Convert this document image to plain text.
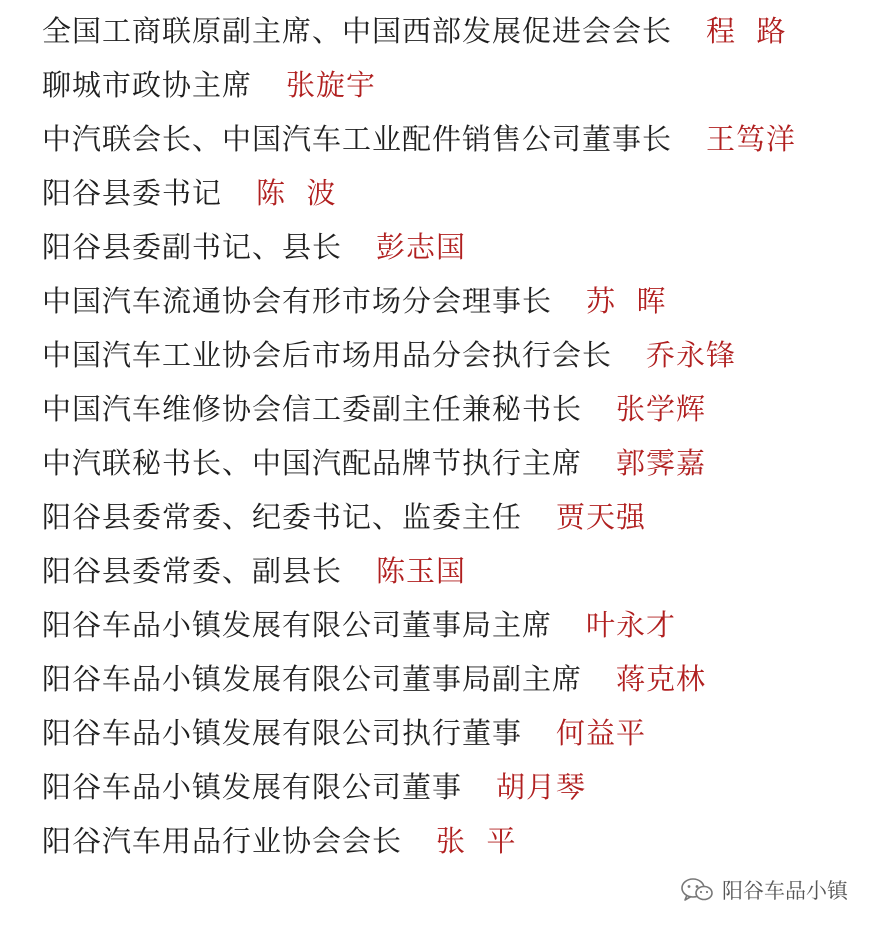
全国工商联原副主席、中国西部发展促进会会长 程  路
聊城市政协主席 张旋宇
中汽联会长、中国汽车工业配件销售公司董事长 王笃洋
阳谷县委书记 陈  波
阳谷县委副书记、县长 彭志国
中国汽车流通协会有形市场分会理事长 苏  晖
中国汽车工业协会后市场用品分会执行会长 乔永锋
中国汽车维修协会信工委副主任兼秘书长 张学辉
中汽联秘书长、中国汽配品牌节执行主席 郭霁嘉
阳谷县委常委、纪委书记、监委主任 贾天强
阳谷县委常委、副县长 陈玉国
阳谷车品小镇发展有限公司董事局主席 叶永才
阳谷车品小镇发展有限公司董事局副主席 蒋克林
阳谷车品小镇发展有限公司执行董事 何益平
阳谷车品小镇发展有限公司董事 胡月琴
阳谷汽车用品行业协会会长 张  平
阳谷车品小镇
